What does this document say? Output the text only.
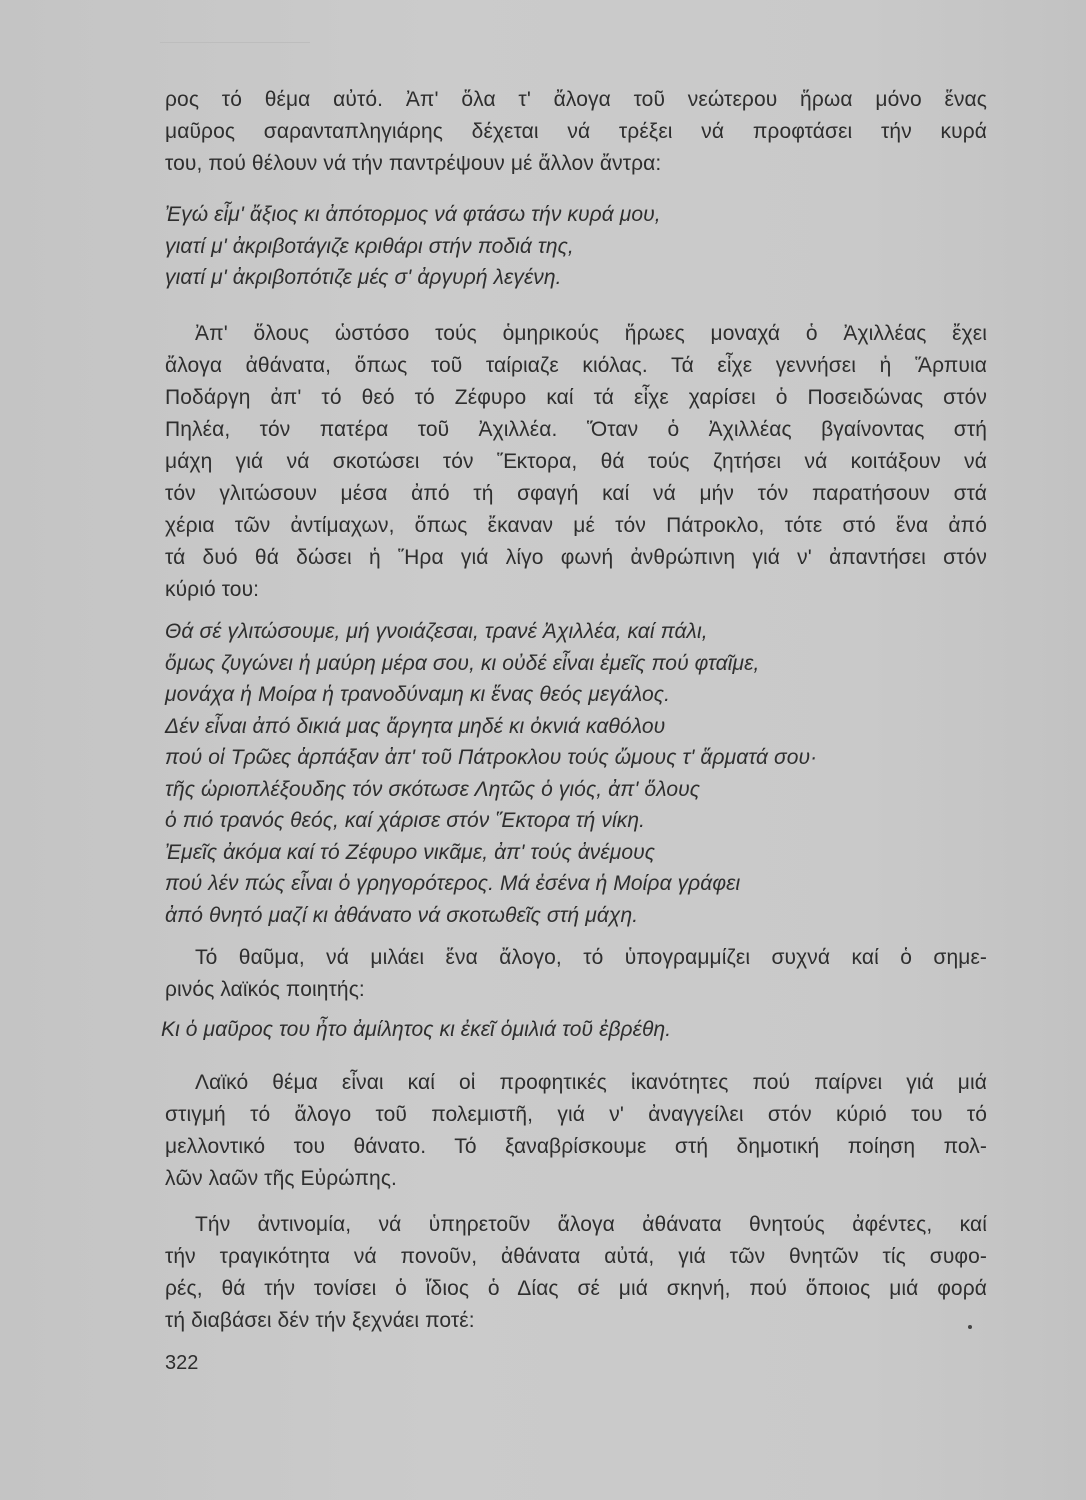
ρος τό θέμα αὐτό. Ἀπ' ὅλα τ' ἄλογα τοῦ νεώτερου ἥρωα μόνο ἕνας
μαῦρος σαρανταπληγιάρης δέχεται νά τρέξει νά προφτάσει τήν κυρά
του, πού θέλουν νά τήν παντρέψουν μέ ἄλλον ἄντρα:
Ἐγώ εἶμ' ἄξιος κι ἀπότορμος νά φτάσω τήν κυρά μου,
γιατί μ' ἀκριβοτάγιζε κριθάρι στήν ποδιά της,
γιατί μ' ἀκριβοπότιζε μές σ' ἀργυρή λεγένη.
Ἀπ' ὅλους ὡστόσο τούς ὁμηρικούς ἥρωες μοναχά ὁ Ἀχιλλέας ἔχει
ἄλογα ἀθάνατα, ὅπως τοῦ ταίριαζε κιόλας. Τά εἶχε γεννήσει ἡ Ἅρπυια
Ποδάργη ἀπ' τό θεό τό Ζέφυρο καί τά εἶχε χαρίσει ὁ Ποσειδώνας στόν
Πηλέα, τόν πατέρα τοῦ Ἀχιλλέα. Ὅταν ὁ Ἀχιλλέας βγαίνοντας στή
μάχη γιά νά σκοτώσει τόν Ἕκτορα, θά τούς ζητήσει νά κοιτάξουν νά
τόν γλιτώσουν μέσα ἀπό τή σφαγή καί νά μήν τόν παρατήσουν στά
χέρια τῶν ἀντίμαχων, ὅπως ἔκαναν μέ τόν Πάτροκλο, τότε στό ἕνα ἀπό
τά δυό θά δώσει ἡ Ἥρα γιά λίγο φωνή ἀνθρώπινη γιά ν' ἀπαντήσει στόν
κύριό του:
Θά σέ γλιτώσουμε, μή γνοιάζεσαι, τρανέ Ἀχιλλέα, καί πάλι,
ὅμως ζυγώνει ἡ μαύρη μέρα σου, κι οὐδέ εἶναι ἐμεῖς πού φταῖμε,
μονάχα ἡ Μοίρα ἡ τρανοδύναμη κι ἕνας θεός μεγάλος.
Δέν εἶναι ἀπό δικιά μας ἄργητα μηδέ κι ὀκνιά καθόλου
πού οἱ Τρῶες ἁρπάξαν ἀπ' τοῦ Πάτροκλου τούς ὤμους τ' ἅρματά σου·
τῆς ὡριοπλέξουδης τόν σκότωσε Λητῶς ὁ γιός, ἀπ' ὅλους
ὁ πιό τρανός θεός, καί χάρισε στόν Ἕκτορα τή νίκη.
Ἐμεῖς ἀκόμα καί τό Ζέφυρο νικᾶμε, ἀπ' τούς ἀνέμους
πού λέν πώς εἶναι ὁ γρηγορότερος. Μά ἐσένα ἡ Μοίρα γράφει
ἀπό θνητό μαζί κι ἀθάνατο νά σκοτωθεῖς στή μάχη.
Τό θαῦμα, νά μιλάει ἕνα ἄλογο, τό ὑπογραμμίζει συχνά καί ὁ σημε-
ρινός λαϊκός ποιητής:
Κι ὁ μαῦρος του ἦτο ἀμίλητος κι ἐκεῖ ὁμιλιά τοῦ ἐβρέθη.
Λαϊκό θέμα εἶναι καί οἱ προφητικές ἱκανότητες πού παίρνει γιά μιά
στιγμή τό ἄλογο τοῦ πολεμιστῆ, γιά ν' ἀναγγείλει στόν κύριό του τό
μελλοντικό του θάνατο. Τό ξαναβρίσκουμε στή δημοτική ποίηση πολ-
λῶν λαῶν τῆς Εὐρώπης.
Τήν ἀντινομία, νά ὑπηρετοῦν ἄλογα ἀθάνατα θνητούς ἀφέντες, καί
τήν τραγικότητα νά πονοῦν, ἀθάνατα αὐτά, γιά τῶν θνητῶν τίς συφο-
ρές, θά τήν τονίσει ὁ ἴδιος ὁ Δίας σέ μιά σκηνή, πού ὅποιος μιά φορά
τή διαβάσει δέν τήν ξεχνάει ποτέ:
322
